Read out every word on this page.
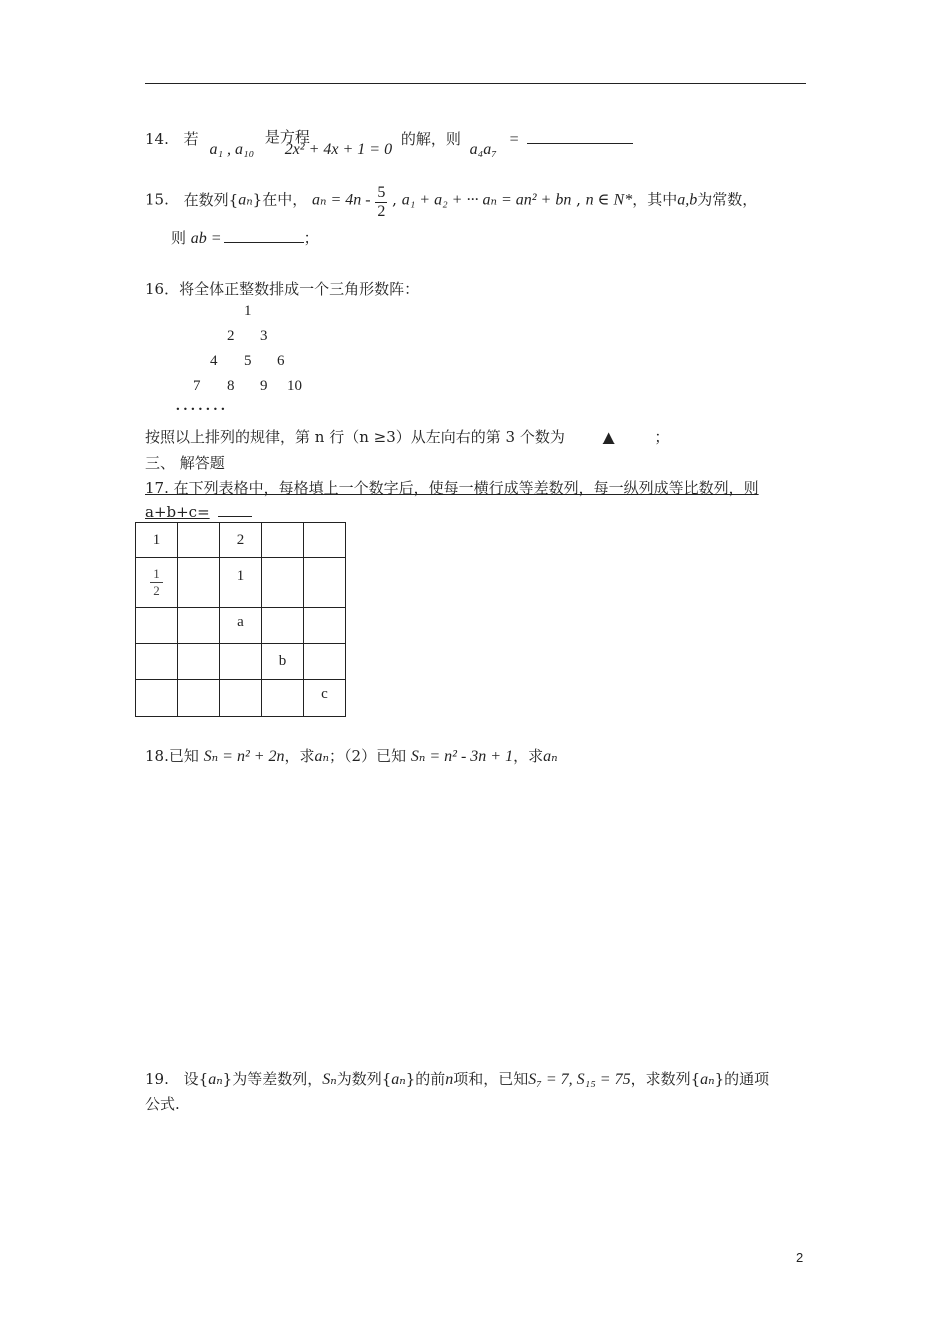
14. 若 a₁ , a₁₀ 是方程 2x² + 4x + 1 = 0 的解，则 a₄a₇ =
15. 在数列{aₙ}在中， $a_n = 4n - \frac{5}{2}$ , a₁ + a₂ + ··· aₙ = an² + bn , n ∈ N*，其中a,b为常数，
则 ab =	；
16．将全体正整数排成一个三角形数阵：
1
2 3
4 5 6
7 8 9 10
. . . . . . .
按照以上排列的规律，第 n 行（n ≥3）从左向右的第 3 个数为	▲	；
三、 解答题
17. 在下列表格中，每格填上一个数字后，使每一横行成等差数列，每一纵列成等比数列，则
a+b+c=
1		2		

$\frac{1}{2}$		1		
		a		
			b	
				c
18.已知 Sₙ = n² + 2n，求aₙ；（2）已知 Sₙ = n² - 3n + 1，求aₙ
19. 设{aₙ}为等差数列，Sₙ为数列{aₙ}的前n项和，已知S₇ = 7, S₁₅ = 75，求数列{aₙ}的通项
公式.
2
